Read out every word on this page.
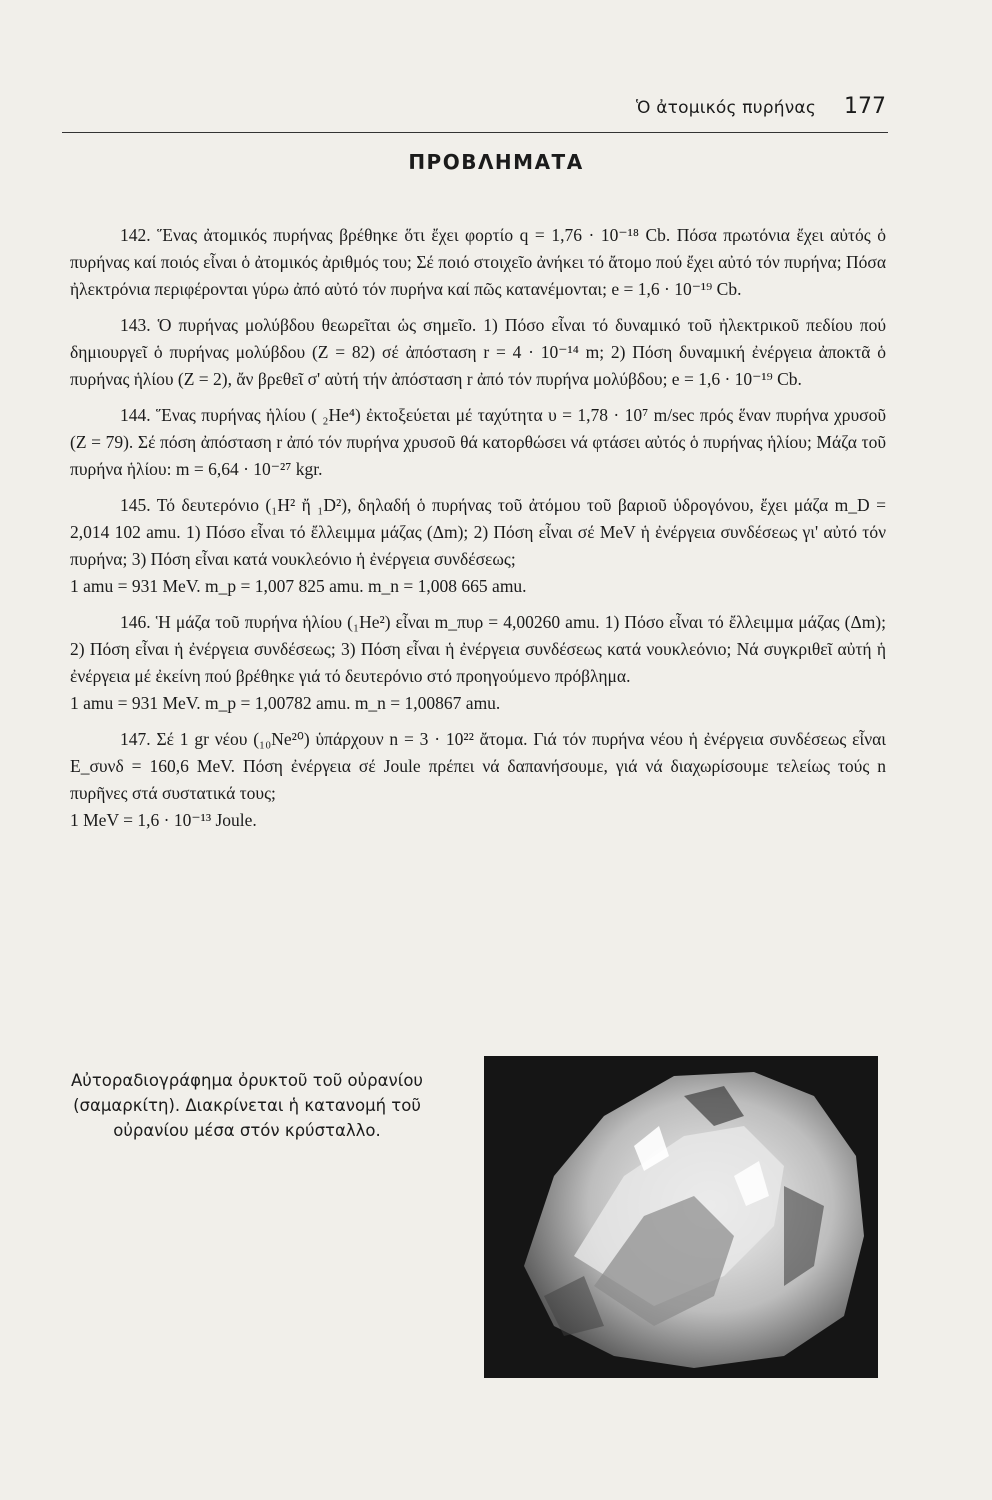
Ὁ ἀτομικός πυρήνας 177
ΠΡΟΒΛΗΜΑΤΑ

142. Ἕνας ἀτομικός πυρήνας βρέθηκε ὅτι ἔχει φορτίο q = 1,76 · 10⁻¹⁸ Cb. Πόσα πρωτόνια ἔχει αὐτός ὁ πυρήνας καί ποιός εἶναι ὁ ἀτομικός ἀριθμός του; Σέ ποιό στοιχεῖο ἀνήκει τό ἄτομο πού ἔχει αὐτό τόν πυρήνα; Πόσα ἠλεκτρόνια περιφέρονται γύρω ἀπό αὐτό τόν πυρήνα καί πῶς κατανέμονται; e = 1,6 · 10⁻¹⁹ Cb.

143. Ὁ πυρήνας μολύβδου θεωρεῖται ὡς σημεῖο. 1) Πόσο εἶναι τό δυναμικό τοῦ ἠλεκτρικοῦ πεδίου πού δημιουργεῖ ὁ πυρήνας μολύβδου (Z = 82) σέ ἀπόσταση r = 4 · 10⁻¹⁴ m; 2) Πόση δυναμική ἐνέργεια ἀποκτᾶ ὁ πυρήνας ἡλίου (Z = 2), ἄν βρεθεῖ σ' αὐτή τήν ἀπόσταση r ἀπό τόν πυρήνα μολύβδου; e = 1,6 · 10⁻¹⁹ Cb.

144. Ἕνας πυρήνας ἡλίου ( ₂He⁴) ἐκτοξεύεται μέ ταχύτητα υ = 1,78 · 10⁷ m/sec πρός ἕναν πυρήνα χρυσοῦ (Z = 79). Σέ πόση ἀπόσταση r ἀπό τόν πυρήνα χρυσοῦ θά κατορθώσει νά φτάσει αὐτός ὁ πυρήνας ἡλίου; Μάζα τοῦ πυρήνα ἡλίου: m = 6,64 · 10⁻²⁷ kgr.

145. Τό δευτερόνιο (₁H² ἤ ₁D²), δηλαδή ὁ πυρήνας τοῦ ἀτόμου τοῦ βαριοῦ ὑδρογόνου, ἔχει μάζα m_D = 2,014 102 amu. 1) Πόσο εἶναι τό ἔλλειμμα μάζας (Δm); 2) Πόση εἶναι σέ MeV ἡ ἐνέργεια συνδέσεως γι' αὐτό τόν πυρήνα; 3) Πόση εἶναι κατά νουκλεόνιο ἡ ἐνέργεια συνδέσεως;
1 amu = 931 MeV. m_p = 1,007 825 amu. m_n = 1,008 665 amu.

146. Ἡ μάζα τοῦ πυρήνα ἡλίου (₁He²) εἶναι m_πυρ = 4,00260 amu. 1) Πόσο εἶναι τό ἔλλειμμα μάζας (Δm); 2) Πόση εἶναι ἡ ἐνέργεια συνδέσεως; 3) Πόση εἶναι ἡ ἐνέργεια συνδέσεως κατά νουκλεόνιο; Νά συγκριθεῖ αὐτή ἡ ἐνέργεια μέ ἐκείνη πού βρέθηκε γιά τό δευτερόνιο στό προηγούμενο πρόβλημα.
1 amu = 931 MeV. m_p = 1,00782 amu. m_n = 1,00867 amu.

147. Σέ 1 gr νέου (₁₀Ne²⁰) ὑπάρχουν n = 3 · 10²² ἄτομα. Γιά τόν πυρήνα νέου ἡ ἐνέργεια συνδέσεως εἶναι E_συνδ = 160,6 MeV. Πόση ἐνέργεια σέ Joule πρέπει νά δαπανήσουμε, γιά νά διαχωρίσουμε τελείως τούς n πυρῆνες στά συστατικά τους;
1 MeV = 1,6 · 10⁻¹³ Joule.

Αὐτοραδιογράφημα ὀρυκτοῦ τοῦ οὐρανίου (σαμαρκίτη). Διακρίνεται ἡ κατανομή τοῦ οὐρανίου μέσα στόν κρύσταλλο.
